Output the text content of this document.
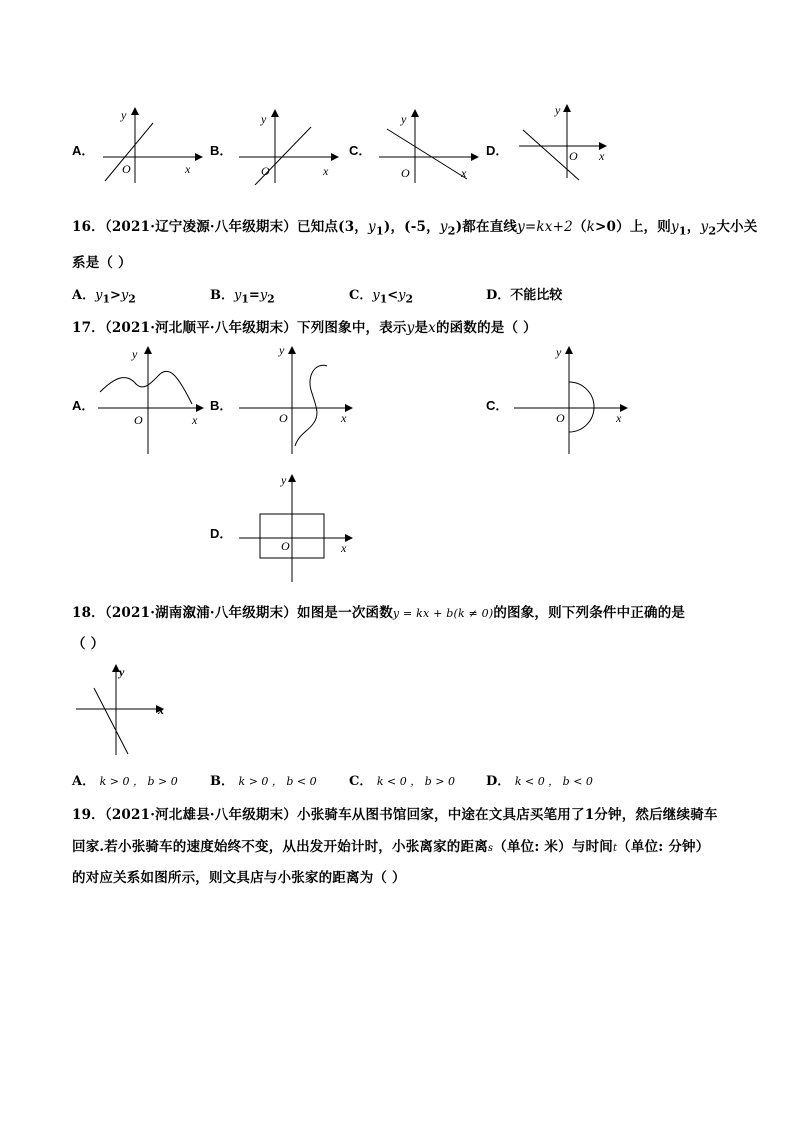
A．
y
x
O
B．
y
x
O
C．
y
x
O
D．
y
x
O
16．（2021·辽宁凌源·八年级期末）已知点(3，$y_1$)，(-5，$y_2$)都在直线y=kx+2（k>0）上，则$y_1$，$y_2$大小关
系是（ ）
A．$y_1>y_2$	B．$y_1=y_2$	C．$y_1<y_2$	D．不能比较
17．（2021·河北顺平·八年级期末）下列图象中，表示y是x的函数的是（ ）
A．
y
x
O
B．
y
x
O
C．
y
x
O
D．
y
x
O
18．（2021·湖南溆浦·八年级期末）如图是一次函数y = kx + b(k ≠ 0)的图象，则下列条件中正确的是
（ ）
y
x
A． k > 0 ， b > 0 B． k > 0 ， b < 0 C． k < 0 ， b > 0 D． k < 0 ， b < 0
19．（2021·河北雄县·八年级期末）小张骑车从图书馆回家，中途在文具店买笔用了1分钟，然后继续骑车
回家.若小张骑车的速度始终不变，从出发开始计时，小张离家的距离s（单位: 米）与时间t（单位: 分钟）
的对应关系如图所示，则文具店与小张家的距离为（ ）
